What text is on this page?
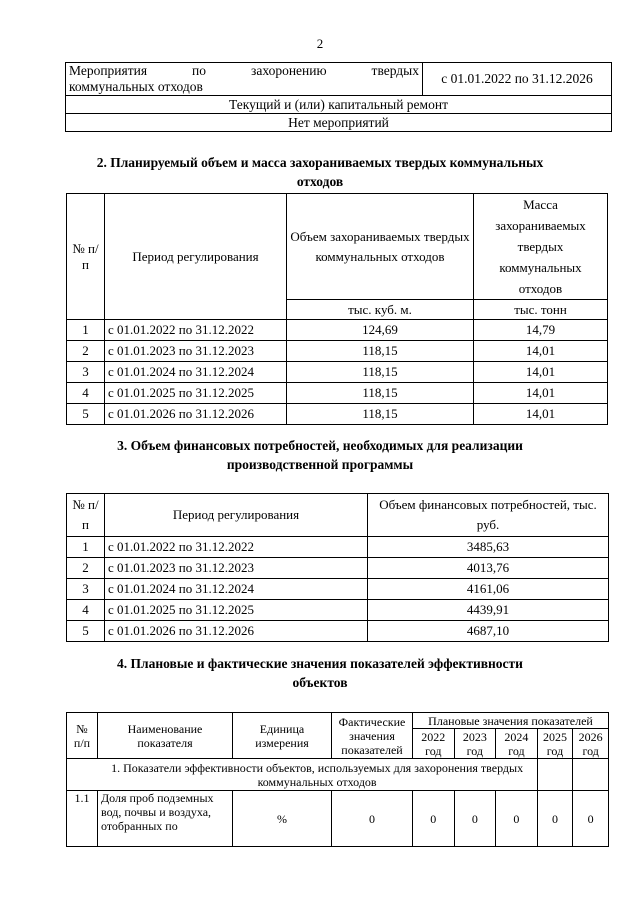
2
Мероприятия по захоронению твердых
коммунальных отходов	с 01.01.2022 по 31.12.2026
Текущий и (или) капитальный ремонт
Нет мероприятий
2. Планируемый объем и масса захораниваемых твердых коммунальных
отходов
№ п/п	Период регулирования	Объем захораниваемых твердых коммунальных отходов	Масса захораниваемых твердых коммунальных отходов
		тыс. куб. м.	тыс. тонн
1	с 01.01.2022 по 31.12.2022	124,69	14,79
2	с 01.01.2023 по 31.12.2023	118,15	14,01
3	с 01.01.2024 по 31.12.2024	118,15	14,01
4	с 01.01.2025 по 31.12.2025	118,15	14,01
5	с 01.01.2026 по 31.12.2026	118,15	14,01
3. Объем финансовых потребностей, необходимых для реализации
производственной программы
№ п/п	Период регулирования	Объем финансовых потребностей, тыс. руб.
1	с 01.01.2022 по 31.12.2022	3485,63
2	с 01.01.2023 по 31.12.2023	4013,76
3	с 01.01.2024 по 31.12.2024	4161,06
4	с 01.01.2025 по 31.12.2025	4439,91
5	с 01.01.2026 по 31.12.2026	4687,10
4. Плановые и фактические значения показателей эффективности
объектов
№ п/п	Наименование показателя	Единица измерения	Фактические значения показателей	Плановые значения показателей				
				2022 год	2023 год	2024 год	2025 год	2026 год
	1. Показатели эффективности объектов, используемых для захоронения твердых коммунальных отходов							
1.1	Доля проб подземных вод, почвы и воздуха, отобранных по	%	0	0	0	0	0	0
